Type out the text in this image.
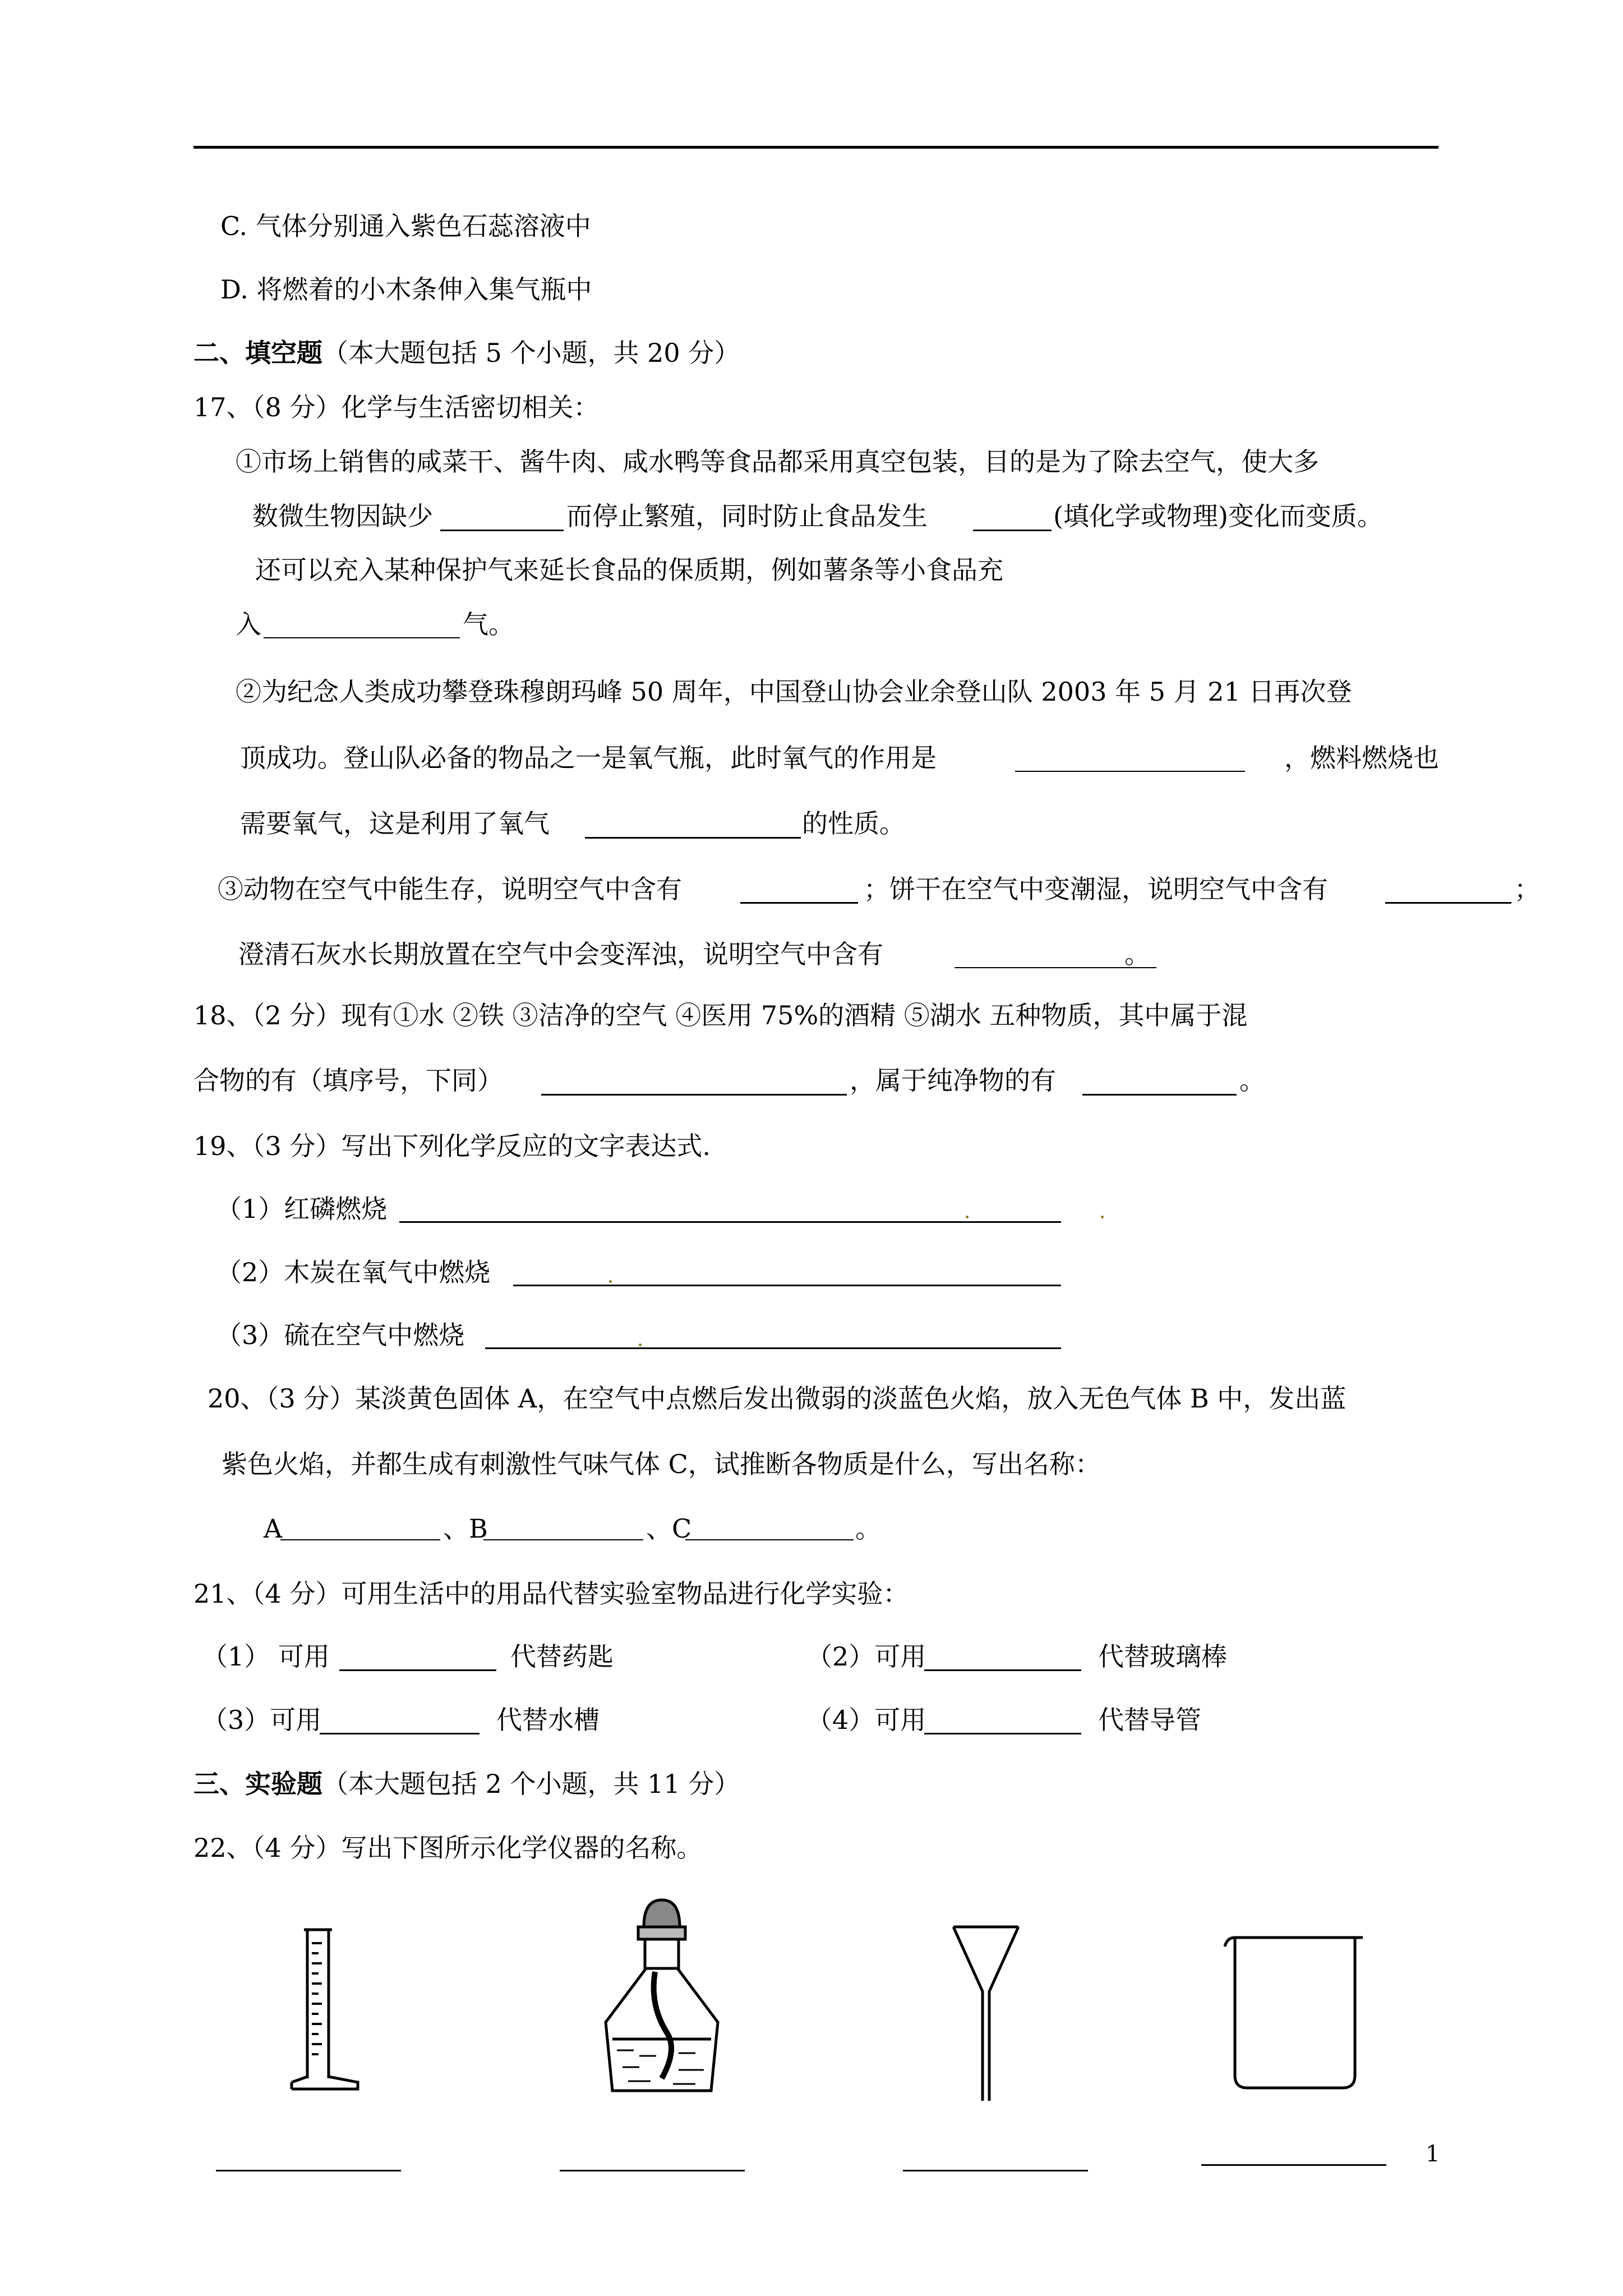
C. 气体分别通入紫色石蕊溶液中
D. 将燃着的小木条伸入集气瓶中
二、填空题（本大题包括 5 个小题，共 20 分）
17、（8 分）化学与生活密切相关：
①市场上销售的咸菜干、酱牛肉、咸水鸭等食品都采用真空包装，目的是为了除去空气，使大多
数微生物因缺少	而停止繁殖，同时防止食品发生	(填化学或物理)变化而变质。
还可以充入某种保护气来延长食品的保质期，例如薯条等小食品充
入	气。
②为纪念人类成功攀登珠穆朗玛峰 50 周年，中国登山协会业余登山队 2003 年 5 月 21 日再次登
顶成功。登山队必备的物品之一是氧气瓶，此时氧气的作用是	，燃料燃烧也
需要氧气，这是利用了氧气	的性质。
③动物在空气中能生存，说明空气中含有	；饼干在空气中变潮湿，说明空气中含有	；
澄清石灰水长期放置在空气中会变浑浊，说明空气中含有	。
18、（2 分）现有①水 ②铁 ③洁净的空气 ④医用 75%的酒精 ⑤湖水 五种物质，其中属于混
合物的有（填序号，下同）	，属于纯净物的有	。
19、（3 分）写出下列化学反应的文字表达式.
（1）红磷燃烧
（2）木炭在氧气中燃烧
（3）硫在空气中燃烧
20、（3 分）某淡黄色固体 A，在空气中点燃后发出微弱的淡蓝色火焰，放入无色气体 B 中，发出蓝
紫色火焰，并都生成有刺激性气味气体 C，试推断各物质是什么，写出名称：
A	、B	、C	。
21、（4 分）可用生活中的用品代替实验室物品进行化学实验：
（1） 可用	代替药匙	（2）可用	代替玻璃棒
（3）可用	代替水槽	（4）可用	代替导管
三、实验题（本大题包括 2 个小题，共 11 分）
22、（4 分）写出下图所示化学仪器的名称。
1
